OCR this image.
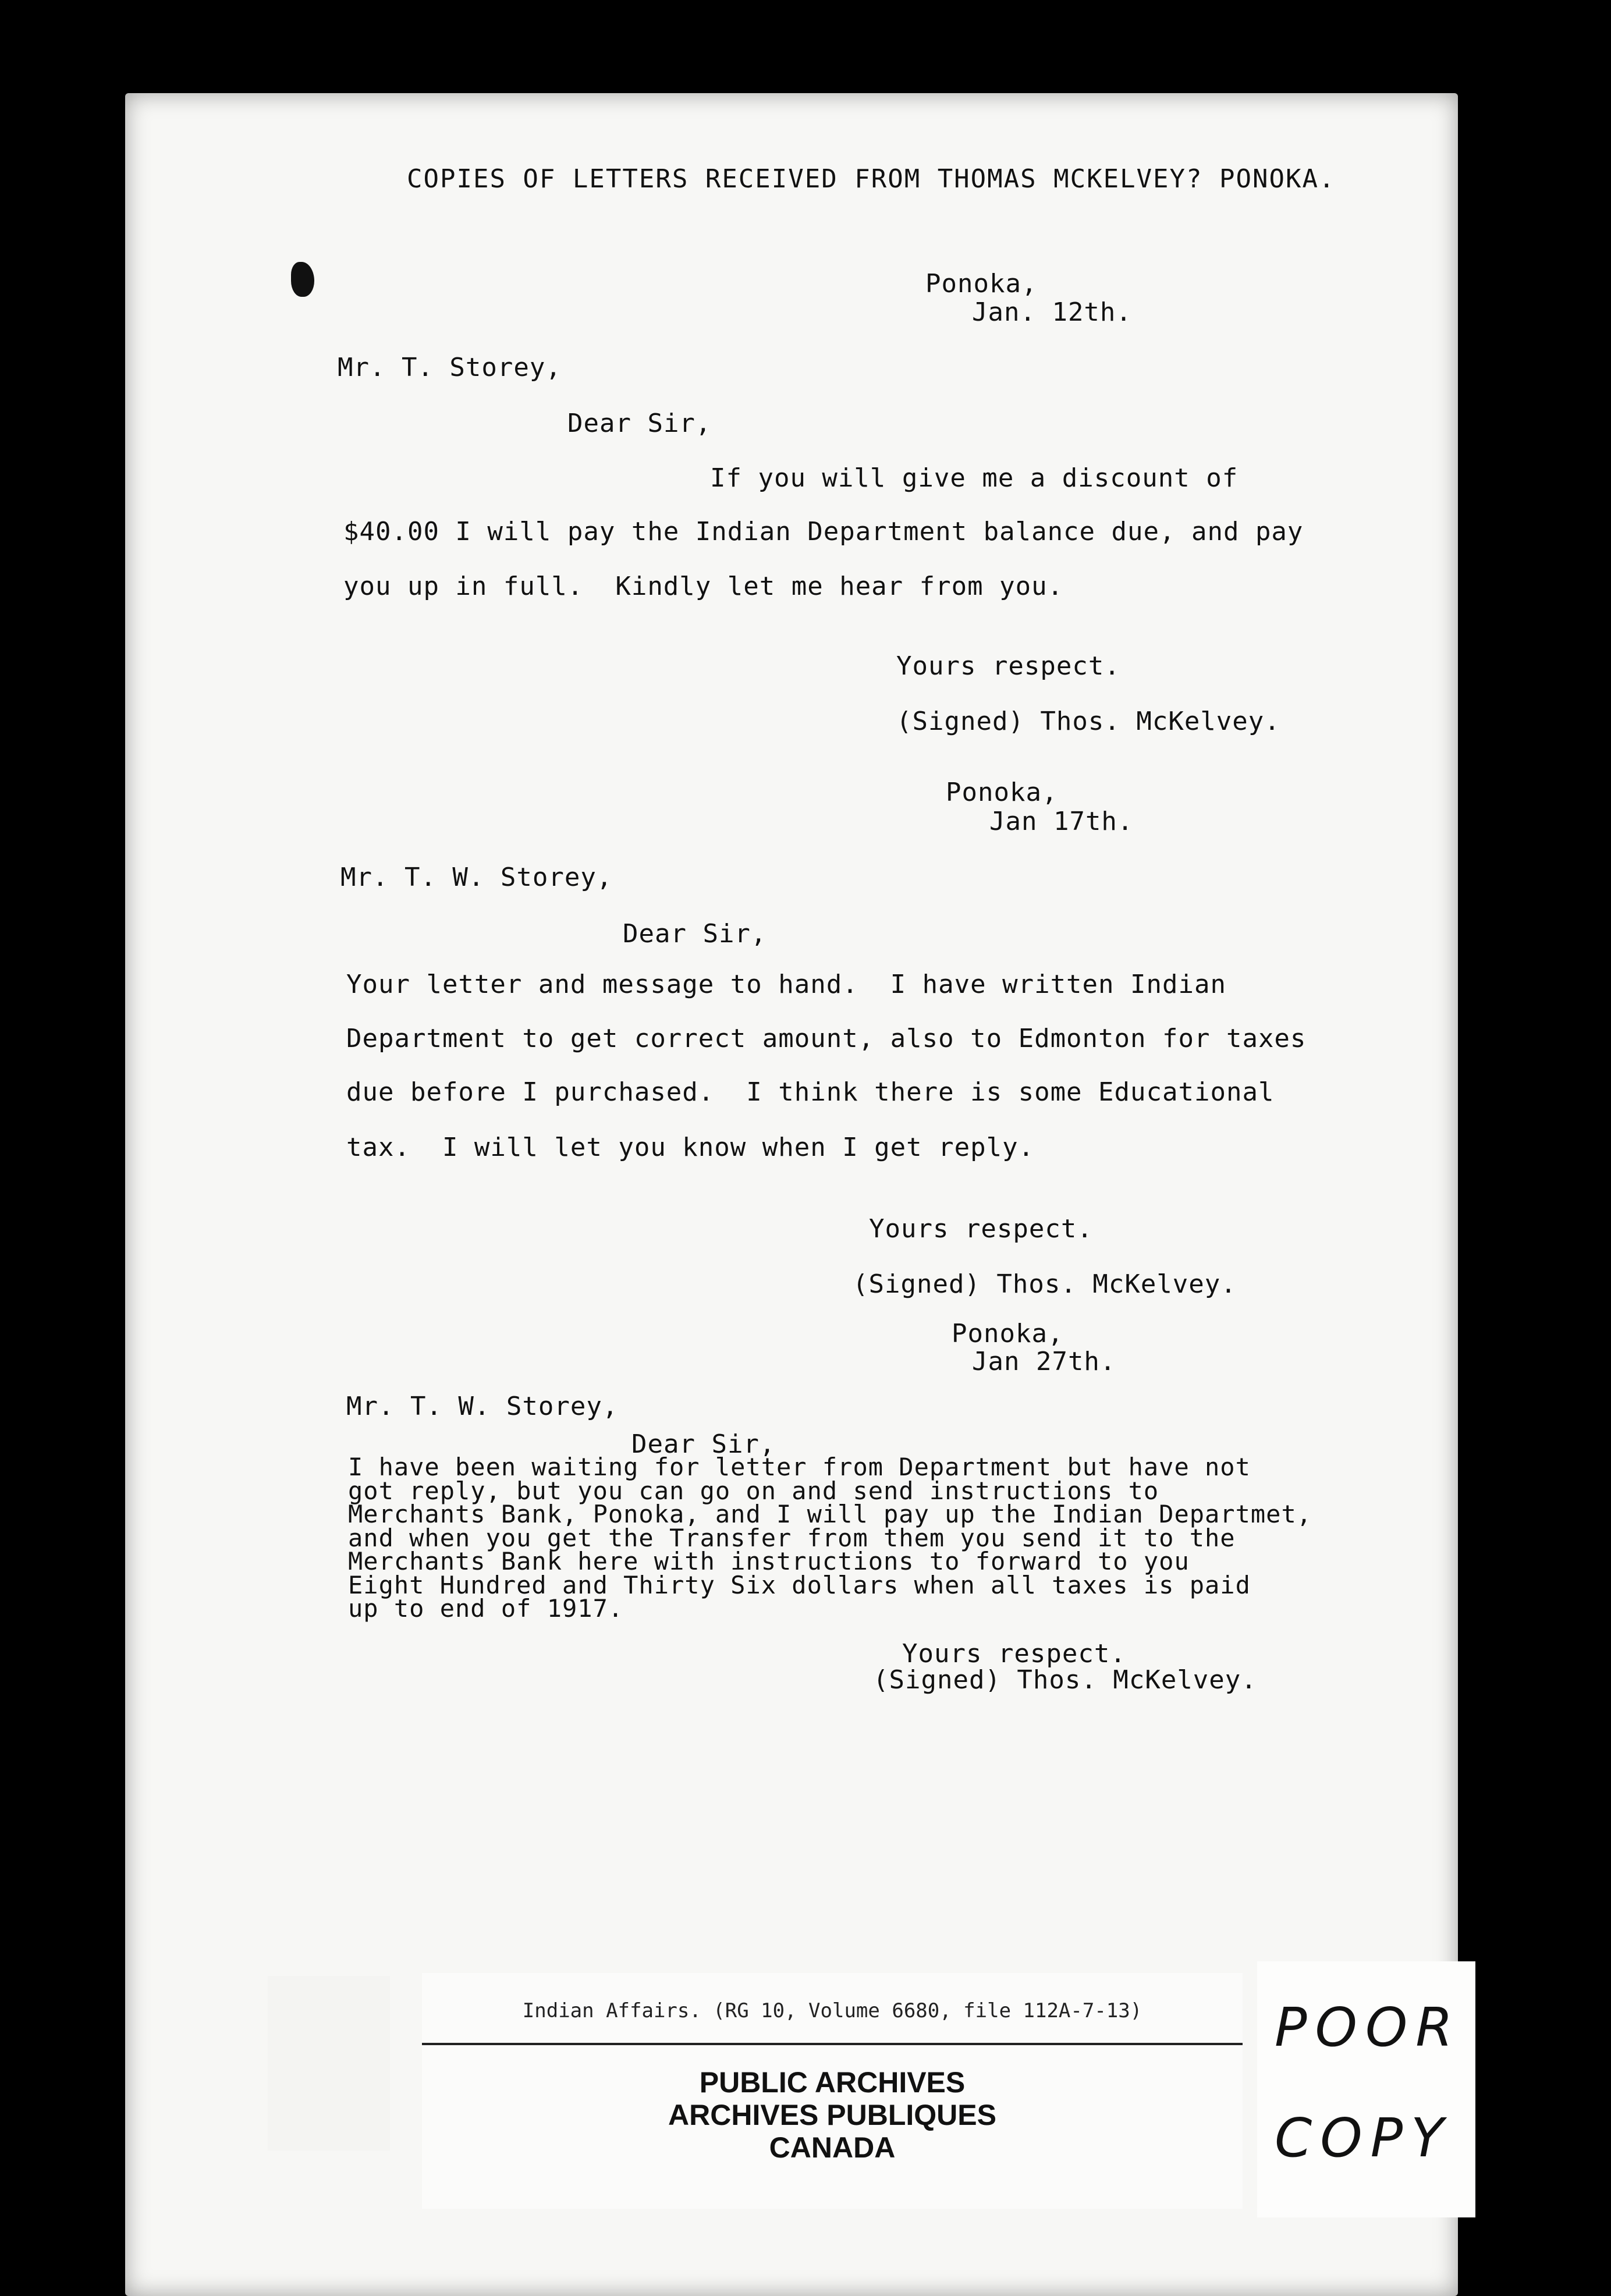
COPIES OF LETTERS RECEIVED FROM THOMAS MCKELVEY? PONOKA.
Ponoka,
Jan. 12th.
Mr. T. Storey,
Dear Sir,
If you will give me a discount of
$40.00 I will pay the Indian Department balance due, and pay
you up in full.  Kindly let me hear from you.
Yours respect.
(Signed) Thos. McKelvey.
Ponoka,
Jan 17th.
Mr. T. W. Storey,
Dear Sir,
Your letter and message to hand.  I have written Indian
Department to get correct amount, also to Edmonton for taxes
due before I purchased.  I think there is some Educational
tax.  I will let you know when I get reply.
Yours respect.
(Signed) Thos. McKelvey.
Ponoka,
Jan 27th.
Mr. T. W. Storey,
Dear Sir,
I have been waiting for letter from Department but have not
got reply, but you can go on and send instructions to
Merchants Bank, Ponoka, and I will pay up the Indian Departmet,
and when you get the Transfer from them you send it to the
Merchants Bank here with instructions to forward to you
Eight Hundred and Thirty Six dollars when all taxes is paid
up to end of 1917.
Yours respect.
(Signed) Thos. McKelvey.
Indian Affairs. (RG 10, Volume 6680, file 112A-7-13)
PUBLIC ARCHIVES
ARCHIVES PUBLIQUES
CANADA
POOR
COPY
